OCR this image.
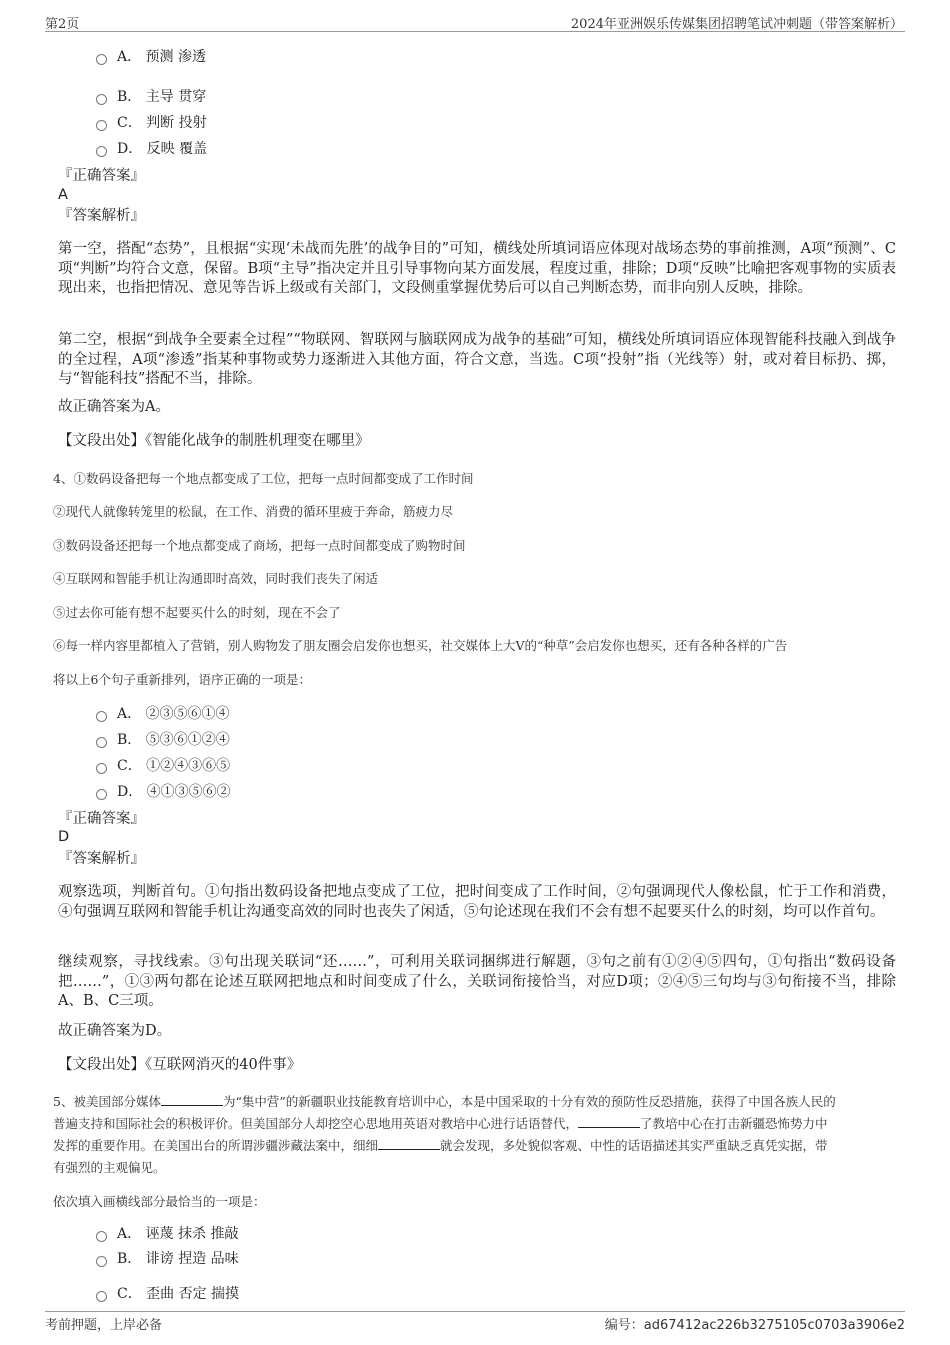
第2页	2024年亚洲娱乐传媒集团招聘笔试冲刺题（带答案解析）
A． 预测 渗透
B． 主导 贯穿
C． 判断 投射
D． 反映 覆盖
『正确答案』
A
『答案解析』
第一空，搭配“态势”，且根据“实现‘未战而先胜’的战争目的”可知，横线处所填词语应体现对战场态势的事前推测，A项“预测”、C项“判断”均符合文意，保留。B项“主导”指决定并且引导事物向某方面发展，程度过重，排除；D项“反映”比喻把客观事物的实质表现出来，也指把情况、意见等告诉上级或有关部门，文段侧重掌握优势后可以自己判断态势，而非向别人反映，排除。
第二空，根据“到战争全要素全过程”“物联网、智联网与脑联网成为战争的基础”可知，横线处所填词语应体现智能科技融入到战争的全过程，A项“渗透”指某种事物或势力逐渐进入其他方面，符合文意，当选。C项“投射”指（光线等）射，或对着目标扔、掷，与“智能科技”搭配不当，排除。
故正确答案为A。
【文段出处】《智能化战争的制胜机理变在哪里》
4、①数码设备把每一个地点都变成了工位，把每一点时间都变成了工作时间
②现代人就像转笼里的松鼠，在工作、消费的循环里疲于奔命，筋疲力尽
③数码设备还把每一个地点都变成了商场，把每一点时间都变成了购物时间
④互联网和智能手机让沟通即时高效，同时我们丧失了闲适
⑤过去你可能有想不起要买什么的时刻，现在不会了
⑥每一样内容里都植入了营销，别人购物发了朋友圈会启发你也想买，社交媒体上大V的“种草”会启发你也想买，还有各种各样的广告
将以上6个句子重新排列，语序正确的一项是：
A． ②③⑤⑥①④
B． ⑤③⑥①②④
C． ①②④③⑥⑤
D． ④①③⑤⑥②
『正确答案』
D
『答案解析』
观察选项，判断首句。①句指出数码设备把地点变成了工位，把时间变成了工作时间，②句强调现代人像松鼠，忙于工作和消费，④句强调互联网和智能手机让沟通变高效的同时也丧失了闲适，⑤句论述现在我们不会有想不起要买什么的时刻，均可以作首句。
继续观察，寻找线索。③句出现关联词“还……”，可利用关联词捆绑进行解题，③句之前有①②④⑤四句，①句指出“数码设备把……”，①③两句都在论述互联网把地点和时间变成了什么，关联词衔接恰当，对应D项；②④⑤三句均与③句衔接不当，排除A、B、C三项。
故正确答案为D。
【文段出处】《互联网消灭的40件事》
5、被美国部分媒体	为“集中营”的新疆职业技能教育培训中心，本是中国采取的十分有效的预防性反恐措施，获得了中国各族人民的
普遍支持和国际社会的积极评价。但美国部分人却挖空心思地用英语对教培中心进行话语替代，	了教培中心在打击新疆恐怖势力中
发挥的重要作用。在美国出台的所谓涉疆涉藏法案中，细细	就会发现，多处貌似客观、中性的话语描述其实严重缺乏真凭实据，带
有强烈的主观偏见。
依次填入画横线部分最恰当的一项是：
A． 诬蔑 抹杀 推敲
B． 诽谤 捏造 品味
C． 歪曲 否定 揣摸
考前押题，上岸必备	编号：ad67412ac226b3275105c0703a3906e2
